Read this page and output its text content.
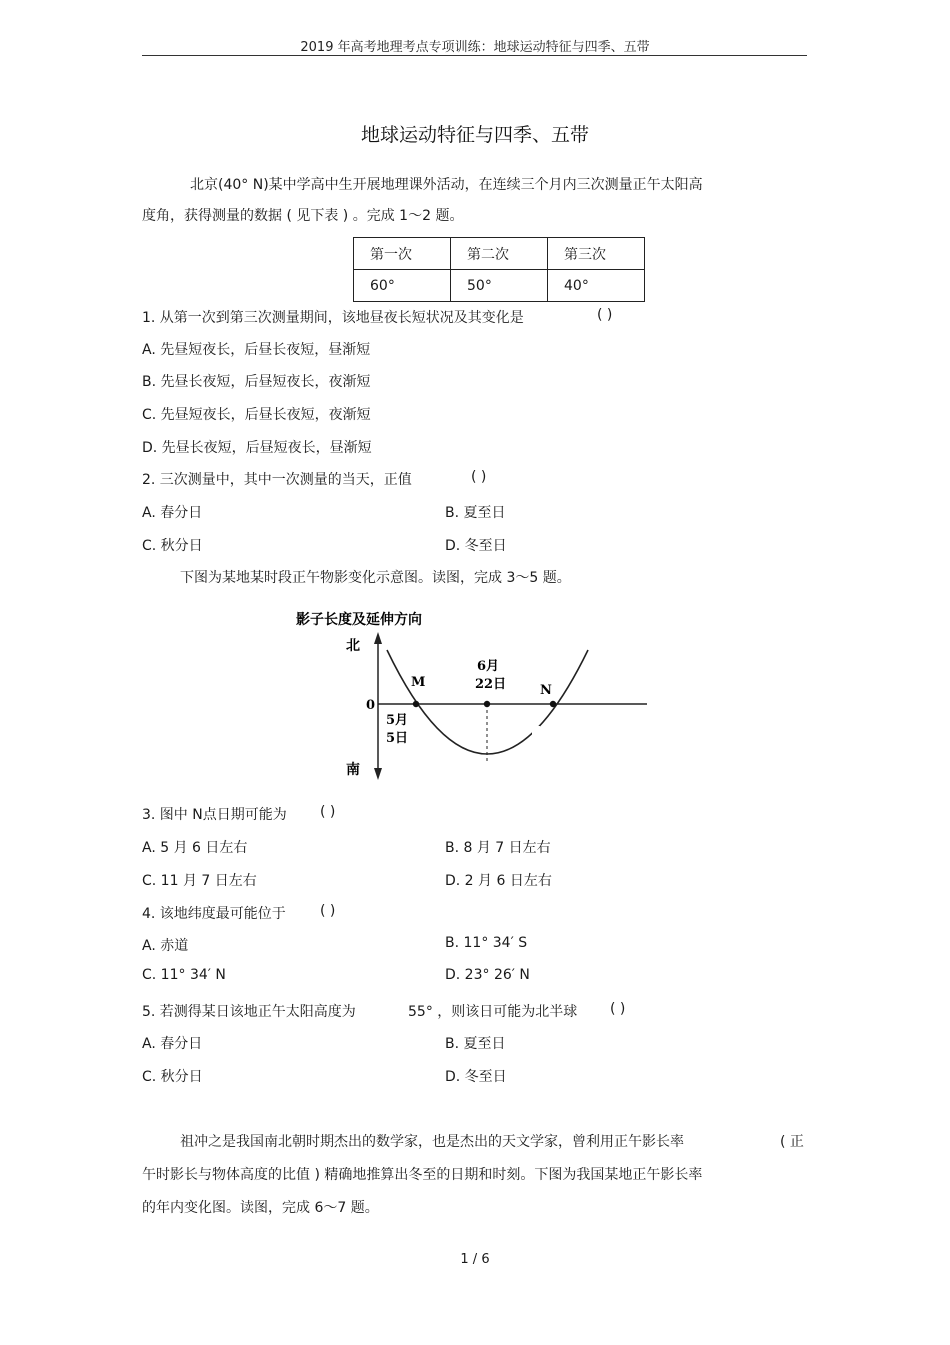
2019 年高考地理考点专项训练：地球运动特征与四季、五带
地球运动特征与四季、五带
北京(40° N)某中学高中生开展地理课外活动，在连续三个月内三次测量正午太阳高
度角，获得测量的数据 ( 见下表 ) 。完成 1～2 题。
第一次	第二次	第三次
60°	50°	40°
1. 从第一次到第三次测量期间，该地昼夜长短状况及其变化是	( )
A. 先昼短夜长，后昼长夜短，昼渐短
B. 先昼长夜短，后昼短夜长，夜渐短
C. 先昼短夜长，后昼长夜短，夜渐短
D. 先昼长夜短，后昼短夜长，昼渐短
2. 三次测量中，其中一次测量的当天，正值	( )
A. 春分日	B. 夏至日
C. 秋分日	D. 冬至日
下图为某地某时段正午物影变化示意图。读图，完成 3～5 题。
影子长度及延伸方向
北
南
0
M
N
6月
22日
5月
5日
3. 图中 N点日期可能为 ( )
A. 5 月 6 日左右	B. 8 月 7 日左右
C. 11 月 7 日左右	D. 2 月 6 日左右
4. 该地纬度最可能位于 ( )
A. 赤道	B. 11° 34′ S
C. 11° 34′ N	D. 23° 26′ N
5. 若测得某日该地正午太阳高度为	55° ，则该日可能为北半球 ( )
A. 春分日	B. 夏至日
C. 秋分日	D. 冬至日
祖冲之是我国南北朝时期杰出的数学家，也是杰出的天文学家，曾利用正午影长率	( 正
午时影长与物体高度的比值 ) 精确地推算出冬至的日期和时刻。下图为我国某地正午影长率
的年内变化图。读图，完成 6～7 题。
1 / 6
